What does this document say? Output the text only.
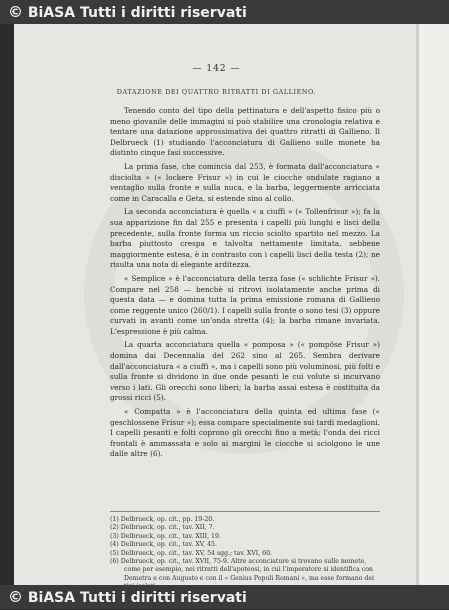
© BiASA Tutti i diritti riservati
— 142 —
DATAZIONE DEI QUATTRO RITRATTI DI GALLIENO.

Tenendo conto del tipo della pettinatura e dell'aspetto fisico più o meno giovanile delle immagini si può stabilire una cronologia relativa e tentare una datazione approssimativa dei quattro ritratti di Gallieno. Il Delbrueck (1) studiando l'acconciatura di Gallieno sulle monete ha distinto cinque fasi successive.

La prima fase, che comincia dal 253, è formata dall'acconciatura « disciolta » (« lockere Frisur ») in cui le ciocche ondulate ragiano a ventaglio sulla fronte e sulla nuca, e la barba, leggermente arricciata come in Caracalla e Geta, si estende sino al collo.

La seconda acconciatura è quella « a ciuffi » (« Tollenfrisur »); fa la sua apparizione fin dal 255 e presenta i capelli più lunghi e lisci della precedente, sulla fronte forma un riccio sciolto spartito nel mezzo. La barba piuttosto crespa e talvolta nettamente limitata, sebbene maggiormente estesa, è in contrasto con i capelli lisci della testa (2); ne risulta una nota di elegante arditezza.

« Semplice » è l'acconciatura della terza fase (« schlichte Frisur »). Compare nel 258 — benchè si ritrovi isolatamente anche prima di questa data — e domina tutta la prima emissione romana di Gallieno come reggente unico (260/1). I capelli sulla fronte o sono tesi (3) oppure curvati in avanti come un'onda stretta (4); la barba rimane invariata. L'espressione è più calma.

La quarta acconciatura quella « pomposa » (« pompöse Frisur ») domina dai Decennalia del 262 sino al 265. Sembra derivare dall'acconciatura « a ciuffi », ma i capelli sono più voluminosi, più folti e sulla fronte si dividono in due onde pesanti le cui volute si incurvano verso i lati. Gli orecchi sono liberi; la barba assai estesa è costituita da grossi ricci (5).

« Compatta » è l'acconciatura della quinta ed ultima fase (« geschlossene Frisur »); essa compare specialmente sui tardi medaglioni. I capelli pesanti e folti coprono gli orecchi fino a metà; l'onda dei ricci frontali è ammassata e solo ai margini le ciocche si sciolgono le une dalle altre (6).

(1) Delbrueck, op. cit., pp. 19-20.
(2) Delbrueck, op. cit., tav. XII, 7.
(3) Delbrueck, op. cit., tav. XIII, 19.
(4) Delbrueck, op. cit., tav. XV, 45.
(5) Delbrueck, op. cit., tav. XV, 54 sgg.; tav. XVI, 60.
(6) Delbrueck, op. cit., tav. XVII, 75-9. Altre acconciature si trovano sulle monete, come per esempio, nei ritratti dell'apoteosi, in cui l'imperatore si identifica con Demetra e con Augusto e con il « Genius Populi Romani », ma esse formano dei
© BiASA Tutti i diritti riservati
